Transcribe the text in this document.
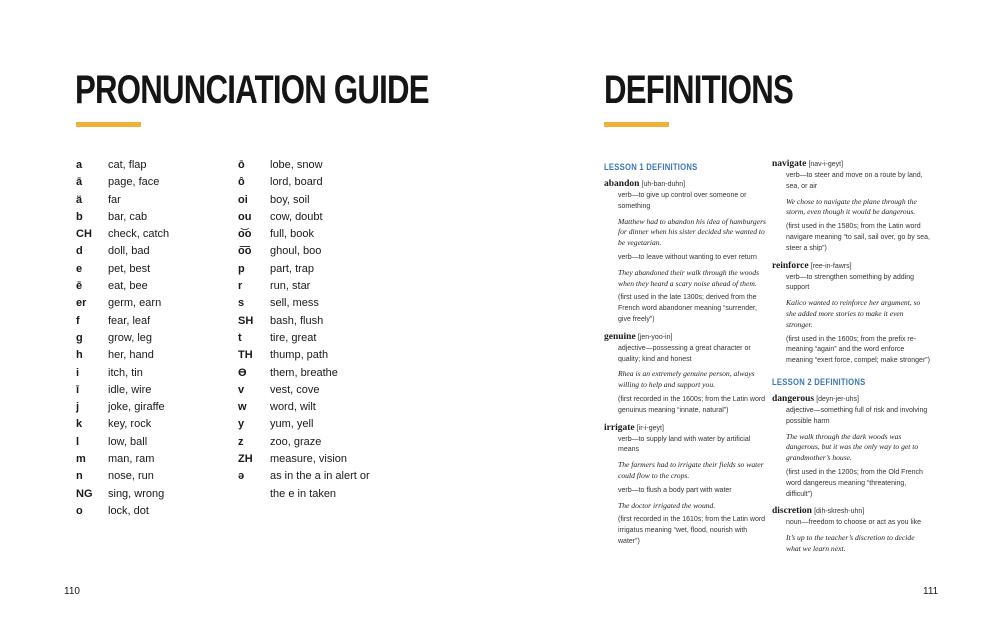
PRONUNCIATION GUIDE
a cat, flap
ā page, face
ä far
b bar, cab
CH check, catch
d doll, bad
e pet, best
ē eat, bee
er germ, earn
f	fear, leaf
g grow, leg
h her, hand
i	itch, tin
ī	idle, wire
j	joke, giraffe
k key, rock
l	low, ball
m man, ram
n nose, run
NG sing, wrong
o lock, dot
ō lobe, snow
ô lord, board
oi boy, soil
ou cow, doubt
o͝o full, book
o͞o ghoul, boo
p part, trap
r	run, star
s sell, mess
SH bash, flush
t	tire, great
TH thump, path
ϴ them, breathe
v vest, cove
w word, wilt
y yum, yell
z zoo, graze
ZH measure, vision
ə as in the a in alert or
the e in taken
110
DEFINITIONS
LESSON 1 DEFINITIONS
abandon [uh-ban-duhn]
verb—to give up control over someone or something
Matthew had to abandon his idea of hamburgers for dinner when his sister decided she wanted to be vegetarian.
verb—to leave without wanting to ever return
They abandoned their walk through the woods when they heard a scary noise ahead of them.
(first used in the late 1300s; derived from the French word abandoner meaning “surrender, give freely”)
genuine [jen-yoo-in]
adjective—possessing a great character or quality; kind and honest
Rhea is an extremely genuine person, always willing to help and support you.
(first recorded in the 1600s; from the Latin word genuinus meaning “innate, natural”)
irrigate [ir-i-geyt]
verb—to supply land with water by artificial means
The farmers had to irrigate their fields so water could flow to the crops.
verb—to flush a body part with water
The doctor irrigated the wound.
(first recorded in the 1610s; from the Latin word irrigatus meaning “wet, flood, nourish with water”)
navigate [nav-i-geyt]
verb—to steer and move on a route by land, sea, or air
We chose to navigate the plane through the storm, even though it would be dangerous.
(first used in the 1580s; from the Latin word navigare meaning “to sail, sail over, go by sea, steer a ship”)
reinforce [ree-in-fawrs]
verb—to strengthen something by adding support
Kalico wanted to reinforce her argument, so she added more stories to make it even stronger.
(first used in the 1600s; from the prefix re- meaning “again” and the word enforce meaning “exert force, compel; make stronger”)
LESSON 2 DEFINITIONS
dangerous [deyn-jer-uhs]
adjective—something full of risk and involving possible harm
The walk through the dark woods was dangerous, but it was the only way to get to grandmother’s house.
(first used in the 1200s; from the Old French word dangereus meaning “threatening, difficult”)
discretion [dih-skresh-uhn]
noun—freedom to choose or act as you like
It’s up to the teacher’s discretion to decide what we learn next.
111
